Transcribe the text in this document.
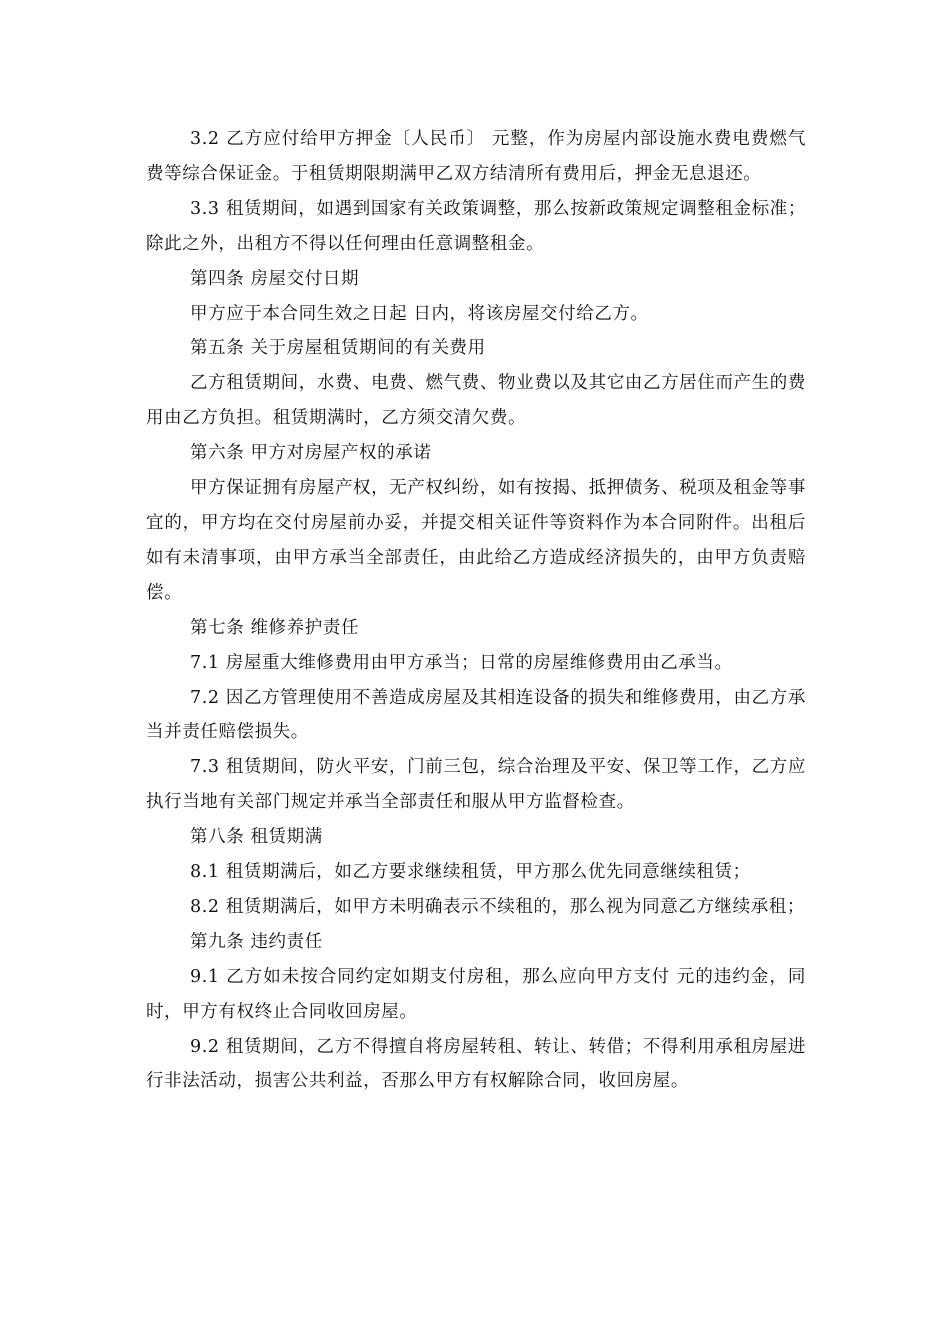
3.2 乙方应付给甲方押金〔人民币〕 元整，作为房屋内部设施水费电费燃气费等综合保证金。于租赁期限期满甲乙双方结清所有费用后，押金无息退还。

3.3 租赁期间，如遇到国家有关政策调整，那么按新政策规定调整租金标准；除此之外，出租方不得以任何理由任意调整租金。

第四条 房屋交付日期

甲方应于本合同生效之日起 日内，将该房屋交付给乙方。

第五条 关于房屋租赁期间的有关费用

乙方租赁期间，水费、电费、燃气费、物业费以及其它由乙方居住而产生的费用由乙方负担。租赁期满时，乙方须交清欠费。

第六条 甲方对房屋产权的承诺

甲方保证拥有房屋产权，无产权纠纷，如有按揭、抵押债务、税项及租金等事宜的，甲方均在交付房屋前办妥，并提交相关证件等资料作为本合同附件。出租后如有未清事项，由甲方承当全部责任，由此给乙方造成经济损失的，由甲方负责赔偿。

第七条 维修养护责任

7.1 房屋重大维修费用由甲方承当；日常的房屋维修费用由乙承当。

7.2 因乙方管理使用不善造成房屋及其相连设备的损失和维修费用，由乙方承当并责任赔偿损失。

7.3 租赁期间，防火平安，门前三包，综合治理及平安、保卫等工作，乙方应执行当地有关部门规定并承当全部责任和服从甲方监督检查。

第八条 租赁期满

8.1 租赁期满后，如乙方要求继续租赁，甲方那么优先同意继续租赁；

8.2 租赁期满后，如甲方未明确表示不续租的，那么视为同意乙方继续承租；

第九条 违约责任

9.1 乙方如未按合同约定如期支付房租，那么应向甲方支付 元的违约金，同时，甲方有权终止合同收回房屋。

9.2 租赁期间，乙方不得擅自将房屋转租、转让、转借；不得利用承租房屋进行非法活动，损害公共利益，否那么甲方有权解除合同，收回房屋。
